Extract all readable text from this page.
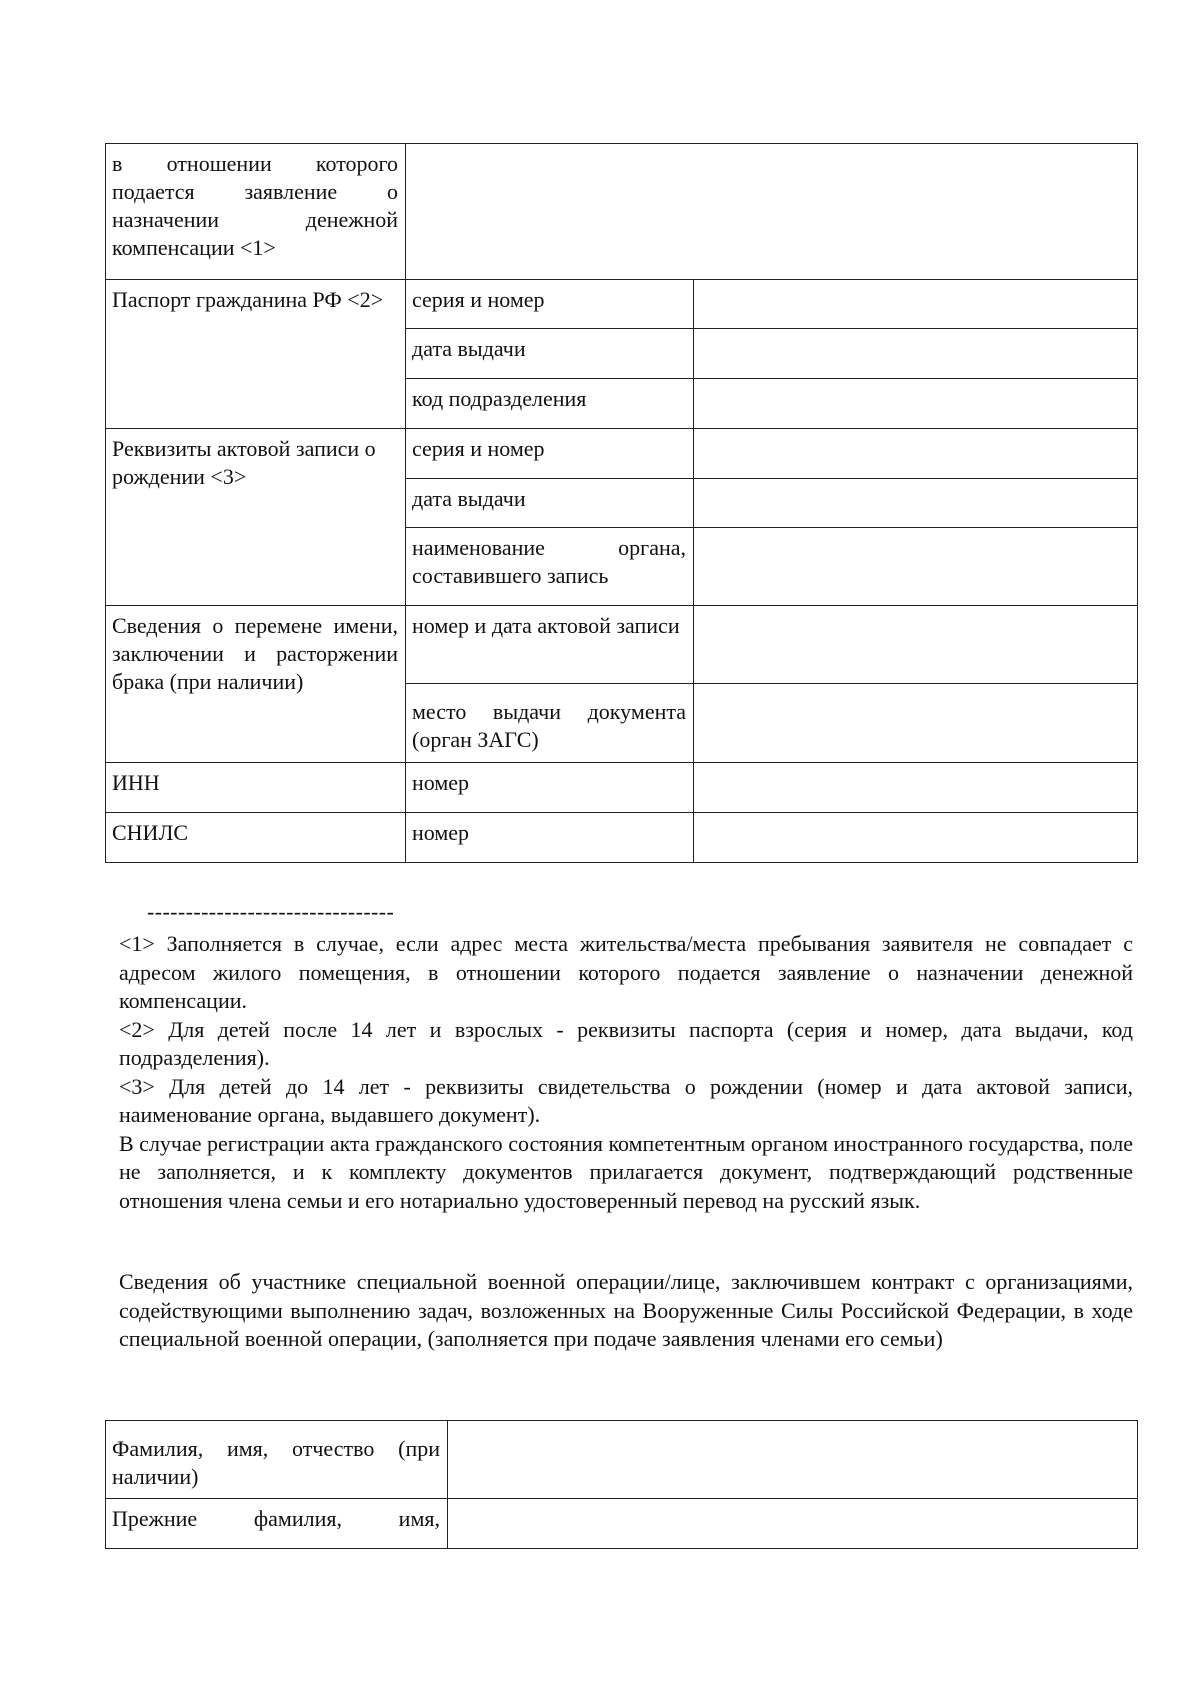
в отношении которого подается заявление о назначении денежной компенсации <1>		
Паспорт гражданина РФ <2>	серия и номер	
	дата выдачи	
	код подразделения	
Реквизиты актовой записи о рождении <3>	серия и номер	
	дата выдачи	
	наименование органа, составившего запись	
Сведения о перемене имени, заключении и расторжении брака (при наличии)	номер и дата актовой записи	
	место выдачи документа (орган ЗАГС)	
ИНН	номер	
СНИЛС	номер	
--------------------------------

<1> Заполняется в случае, если адрес места жительства/места пребывания заявителя не совпадает с адресом жилого помещения, в отношении которого подается заявление о назначении денежной компенсации.

<2> Для детей после 14 лет и взрослых - реквизиты паспорта (серия и номер, дата выдачи, код подразделения).

<3> Для детей до 14 лет - реквизиты свидетельства о рождении (номер и дата актовой записи, наименование органа, выдавшего документ).

В случае регистрации акта гражданского состояния компетентным органом иностранного государства, поле не заполняется, и к комплекту документов прилагается документ, подтверждающий родственные отношения члена семьи и его нотариально удостоверенный перевод на русский язык.

Сведения об участнике специальной военной операции/лице, заключившем контракт с организациями, содействующими выполнению задач, возложенных на Вооруженные Силы Российской Федерации, в ходе специальной военной операции, (заполняется при подаче заявления членами его семьи)

Фамилия, имя, отчество (при наличии)	
Прежние фамилия, имя,	
